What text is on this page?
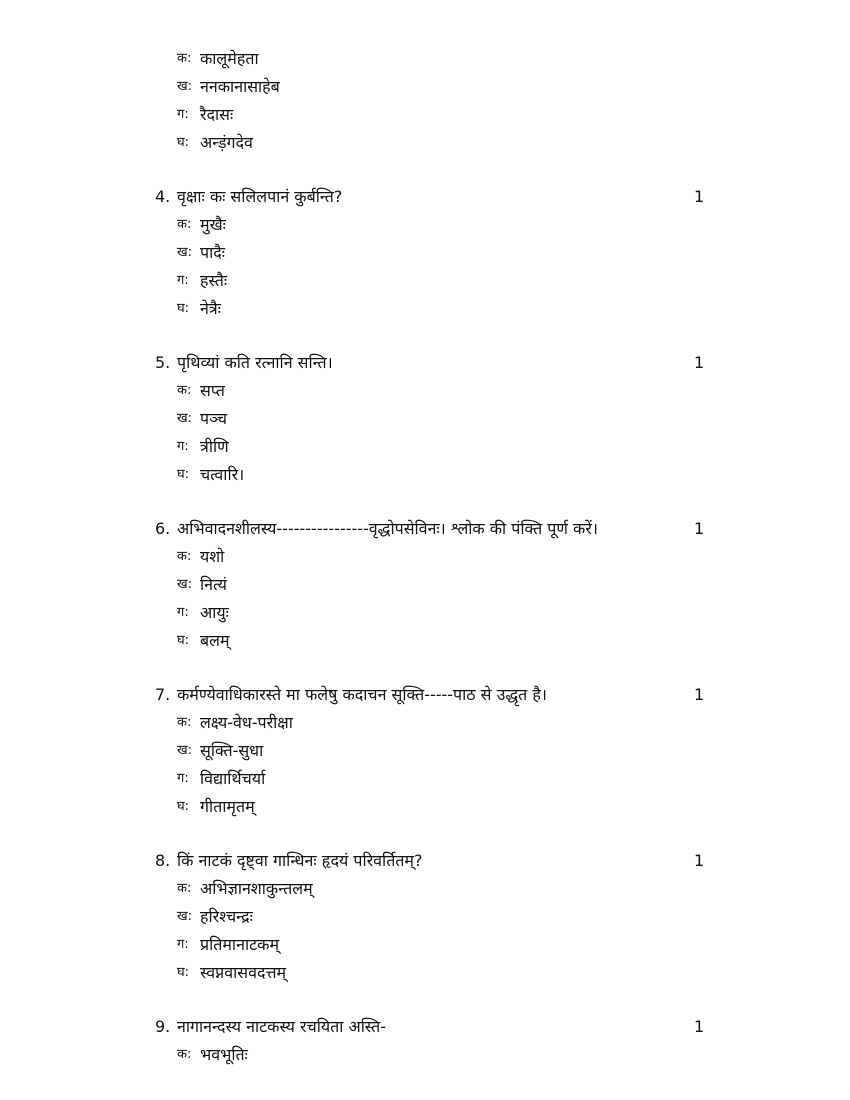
क: कालूमेहता
ख: ननकानासाहेब
ग: रैदासः
घ: अन्ड़ंगदेव
4. वृक्षाः कः सलिलपानं कुर्बन्ति?	1
क: मुखैः
ख: पादैः
ग: हस्तैः
घ: नेत्रैः
5. पृथिव्यां कति रत्नानि सन्ति।	1
क: सप्त
ख: पञ्च
ग: त्रीणि
घ: चत्वारि।
6. अभिवादनशीलस्य----------------वृद्धोपसेविनः। श्लोक की पंक्ति पूर्ण करें।	1
क: यशो
ख: नित्यं
ग: आयुः
घ: बलम्
7. कर्मण्येवाधिकारस्ते मा फलेषु कदाचन सूक्ति-----पाठ से उद्धृत है।	1
क: लक्ष्य-वेध-परीक्षा
ख: सूक्ति-सुधा
ग: विद्यार्थिचर्या
घ: गीतामृतम्
8. किं नाटकं दृष्ट्वा गान्धिनः हृदयं परिवर्तितम्?	1
क: अभिज्ञानशाकुन्तलम्
ख: हरिश्चन्द्रः
ग: प्रतिमानाटकम्
घ: स्वप्नवासवदत्तम्
9. नागानन्दस्य नाटकस्य रचयिता अस्ति-	1
क: भवभूतिः
